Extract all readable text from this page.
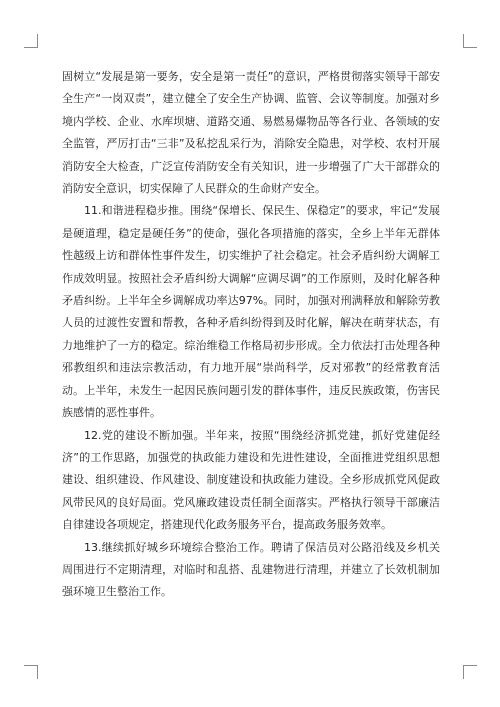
固树立“发展是第一要务，安全是第一责任”的意识，严格贯彻落实领导干部安全生产“一岗双责”，建立健全了安全生产协调、监管、会议等制度。加强对乡境内学校、企业、水库坝塘、道路交通、易燃易爆物品等各行业、各领域的安全监管，严厉打击“三非”及私挖乱采行为，消除安全隐患，对学校、农村开展消防安全大检查，广泛宣传消防安全有关知识，进一步增强了广大干部群众的消防安全意识，切实保障了人民群众的生命财产安全。

11.和谐进程稳步推。围绕“保增长、保民生、保稳定”的要求，牢记“发展是硬道理，稳定是硬任务”的使命，强化各项措施的落实，全乡上半年无群体性越级上访和群体性事件发生，切实维护了社会稳定。社会矛盾纠纷大调解工作成效明显。按照社会矛盾纠纷大调解“应调尽调”的工作原则，及时化解各种矛盾纠纷。上半年全乡调解成功率达97%。同时，加强对刑满释放和解除劳教人员的过渡性安置和帮教，各种矛盾纠纷得到及时化解，解决在萌芽状态，有力地维护了一方的稳定。综治维稳工作格局初步形成。全力依法打击处理各种邪教组织和违法宗教活动，有力地开展“崇尚科学，反对邪教”的经常教育活动。上半年，未发生一起因民族问题引发的群体事件，违反民族政策，伤害民族感情的恶性事件。

12.党的建设不断加强。半年来，按照“围绕经济抓党建，抓好党建促经济”的工作思路，加强党的执政能力建设和先进性建设，全面推进党组织思想建设、组织建设、作风建设、制度建设和执政能力建设。全乡形成抓党风促政风带民风的良好局面。党风廉政建设责任制全面落实。严格执行领导干部廉洁自律建设各项规定，搭建现代化政务服务平台，提高政务服务效率。

13.继续抓好城乡环境综合整治工作。聘请了保洁员对公路沿线及乡机关周围进行不定期清理，对临时和乱搭、乱建物进行清理，并建立了长效机制加强环境卫生整治工作。
